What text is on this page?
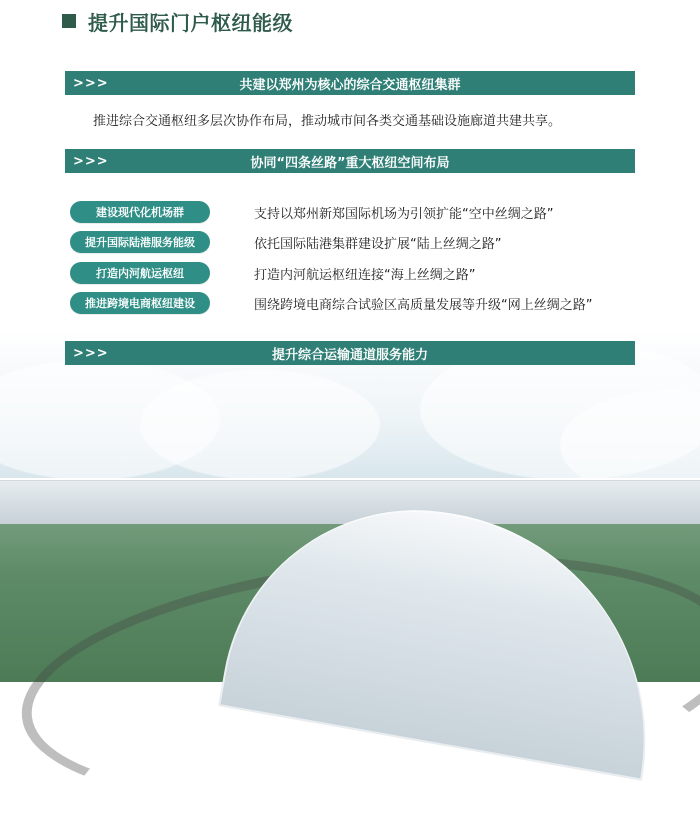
提升国际门户枢纽能级
>>>	共建以郑州为核心的综合交通枢纽集群
推进综合交通枢纽多层次协作布局，推动城市间各类交通基础设施廊道共建共享。
>>>	协同“四条丝路”重大枢纽空间布局
建设现代化机场群	支持以郑州新郑国际机场为引领扩能“空中丝绸之路”
提升国际陆港服务能级	依托国际陆港集群建设扩展“陆上丝绸之路”
打造内河航运枢纽	打造内河航运枢纽连接“海上丝绸之路”
推进跨境电商枢纽建设	围绕跨境电商综合试验区高质量发展等升级“网上丝绸之路”
>>>	提升综合运输通道服务能力
